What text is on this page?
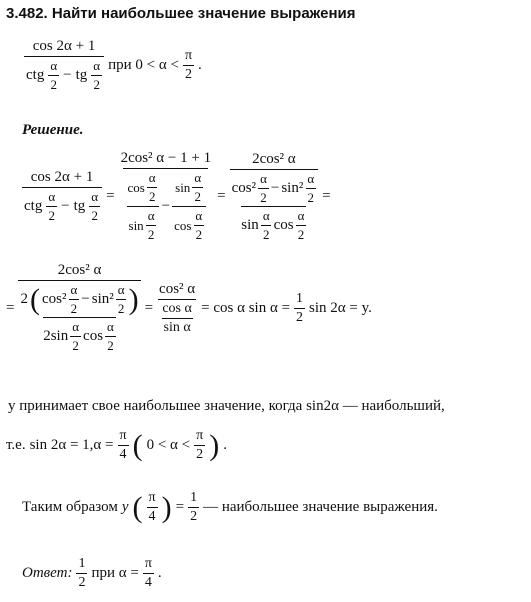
3.482. Найти наибольшее значение выражения
$\frac{\cos 2\alpha + 1}{ctg \frac{\alpha}{2} - tg \frac{\alpha}{2}}$ при $0 < \alpha < \frac{\pi}{2}$ .
Решение.
$\frac{\cos 2\alpha + 1}{ctg \frac{\alpha}{2} - tg \frac{\alpha}{2}}$ =
2cos² α − 1 + 1
$\frac{\cos \frac{\alpha}{2}}{\sin \frac{\alpha}{2}} - \frac{\sin \frac{\alpha}{2}}{\cos \frac{\alpha}{2}}$ =
2cos² α
$\cos^2 \frac{\alpha}{2} - \sin^2 \frac{\alpha}{2}$
$\sin \frac{\alpha}{2}$ $\cos \frac{\alpha}{2}$
=
=
2cos² α
2 ( $\cos^2 \frac{\alpha}{2} - \sin^2 \frac{\alpha}{2}$ )
$2\sin \frac{\alpha}{2}$ $\cos \frac{\alpha}{2}$
= $\frac{\text{cos² α}}{\frac{\text{cos α}}{\text{sin α}}} = \cos \alpha$ $\sin \alpha = \frac{1}{2}$ sin 2α = y.
y принимает свое наибольшее значение, когда sin2α — наибольший,
т.е. $\sin 2\alpha = 1,\alpha = \frac{\pi}{4}$ ( $0 < \alpha < \frac{\pi}{2}$ ) .
Таким образом y ( $\frac{\pi}{4}$ ) = $\frac{1}{2}$ — наибольшее значение выражения.
Ответ: $\frac{1}{2}$ при $\alpha = \frac{\pi}{4}$ .
